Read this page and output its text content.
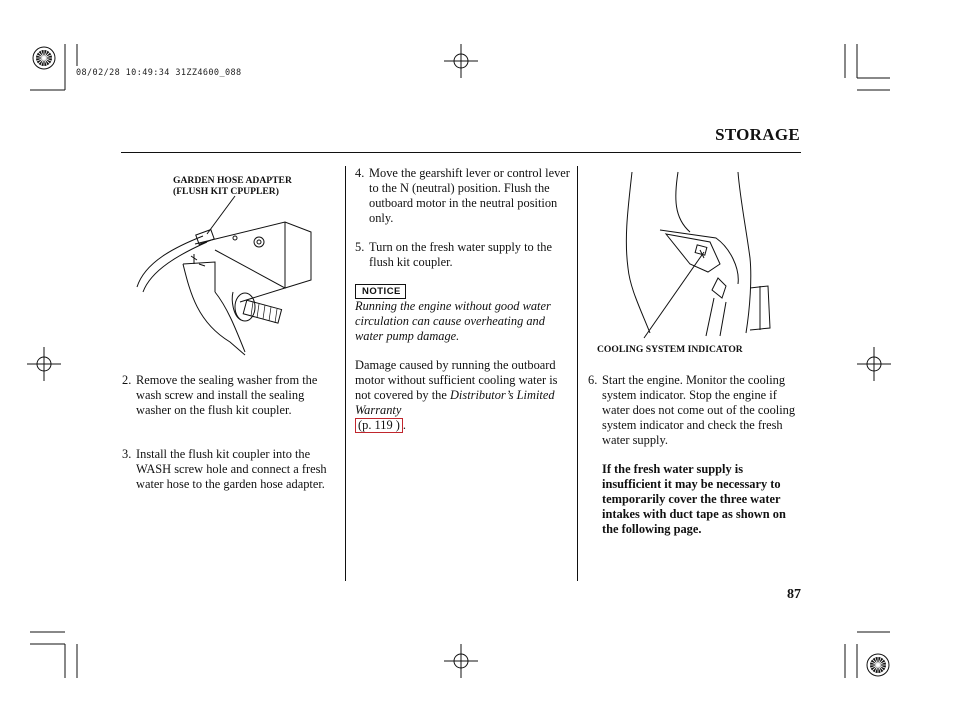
08/02/28 10:49:34 31ZZ4600_088
STORAGE
GARDEN HOSE ADAPTER
(FLUSH KIT CPUPLER)

2. Remove the sealing washer from the wash screw and install the sealing washer on the flush kit coupler.

3. Install the flush kit coupler into the WASH screw hole and connect a fresh water hose to the garden hose adapter.

4. Move the gearshift lever or control lever to the N (neutral) position. Flush the outboard motor in the neutral position only.

5. Turn on the fresh water supply to the flush kit coupler.

NOTICE
Running the engine without good water circulation can cause overheating and water pump damage.
Damage caused by running the outboard motor without sufficient cooling water is not covered by the Distributor’s Limited Warranty
(p. 119 ) .
COOLING SYSTEM INDICATOR

6. Start the engine. Monitor the cooling system indicator. Stop the engine if water does not come out of the cooling system indicator and check the fresh water supply.

If the fresh water supply is insufficient it may be necessary to temporarily cover the three water intakes with duct tape as shown on the following page.
87
